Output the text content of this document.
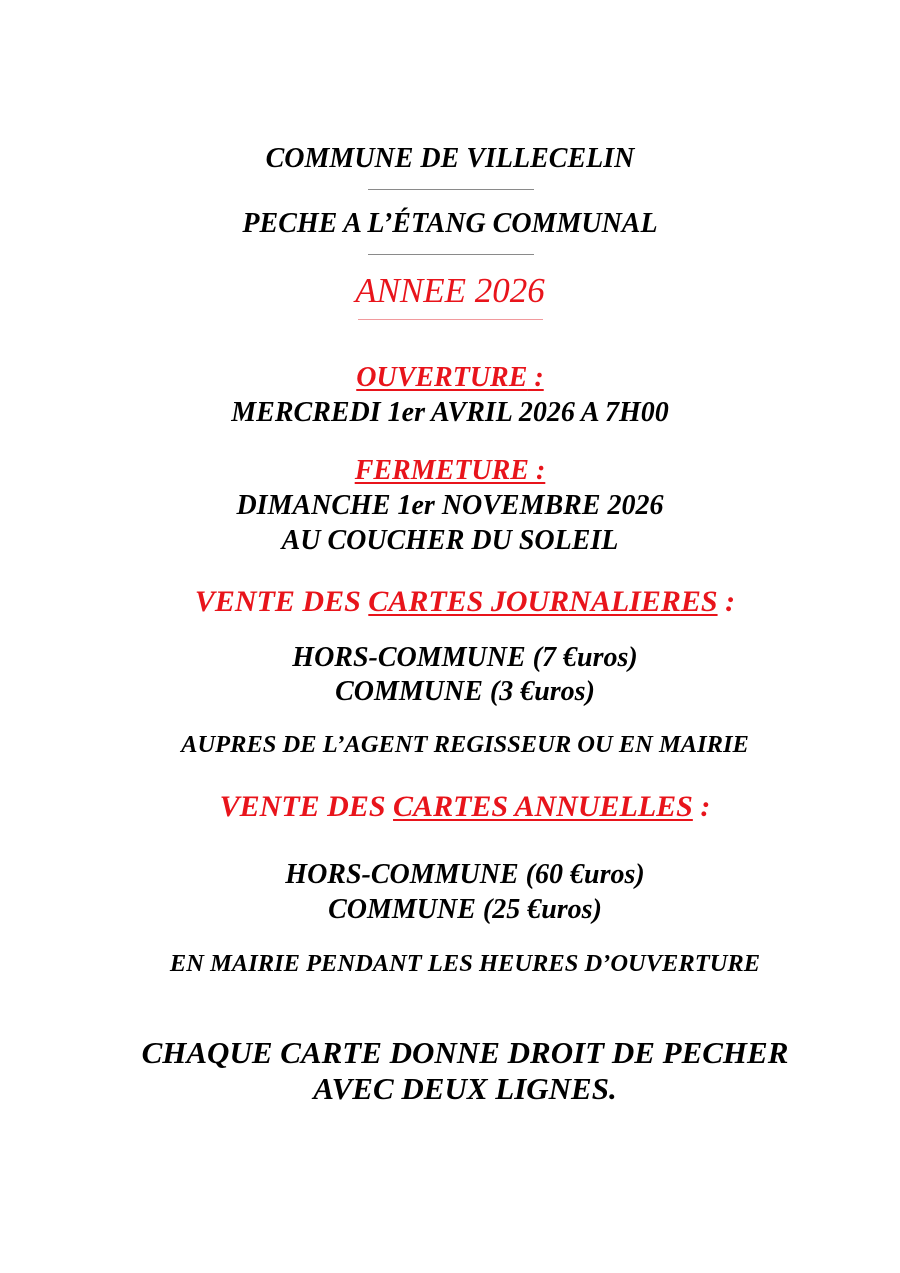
COMMUNE DE VILLECELIN
PECHE A L’ÉTANG COMMUNAL
ANNEE 2026
OUVERTURE :
MERCREDI 1er AVRIL 2026 A 7H00
FERMETURE :
DIMANCHE 1er NOVEMBRE 2026
AU COUCHER DU SOLEIL
VENTE DES CARTES JOURNALIERES :
HORS-COMMUNE (7 €uros)
COMMUNE (3 €uros)
AUPRES DE L’AGENT REGISSEUR OU EN MAIRIE
VENTE DES CARTES ANNUELLES :
HORS-COMMUNE (60 €uros)
COMMUNE (25 €uros)
EN MAIRIE PENDANT LES HEURES D’OUVERTURE
CHAQUE CARTE DONNE DROIT DE PECHER
AVEC DEUX LIGNES.
